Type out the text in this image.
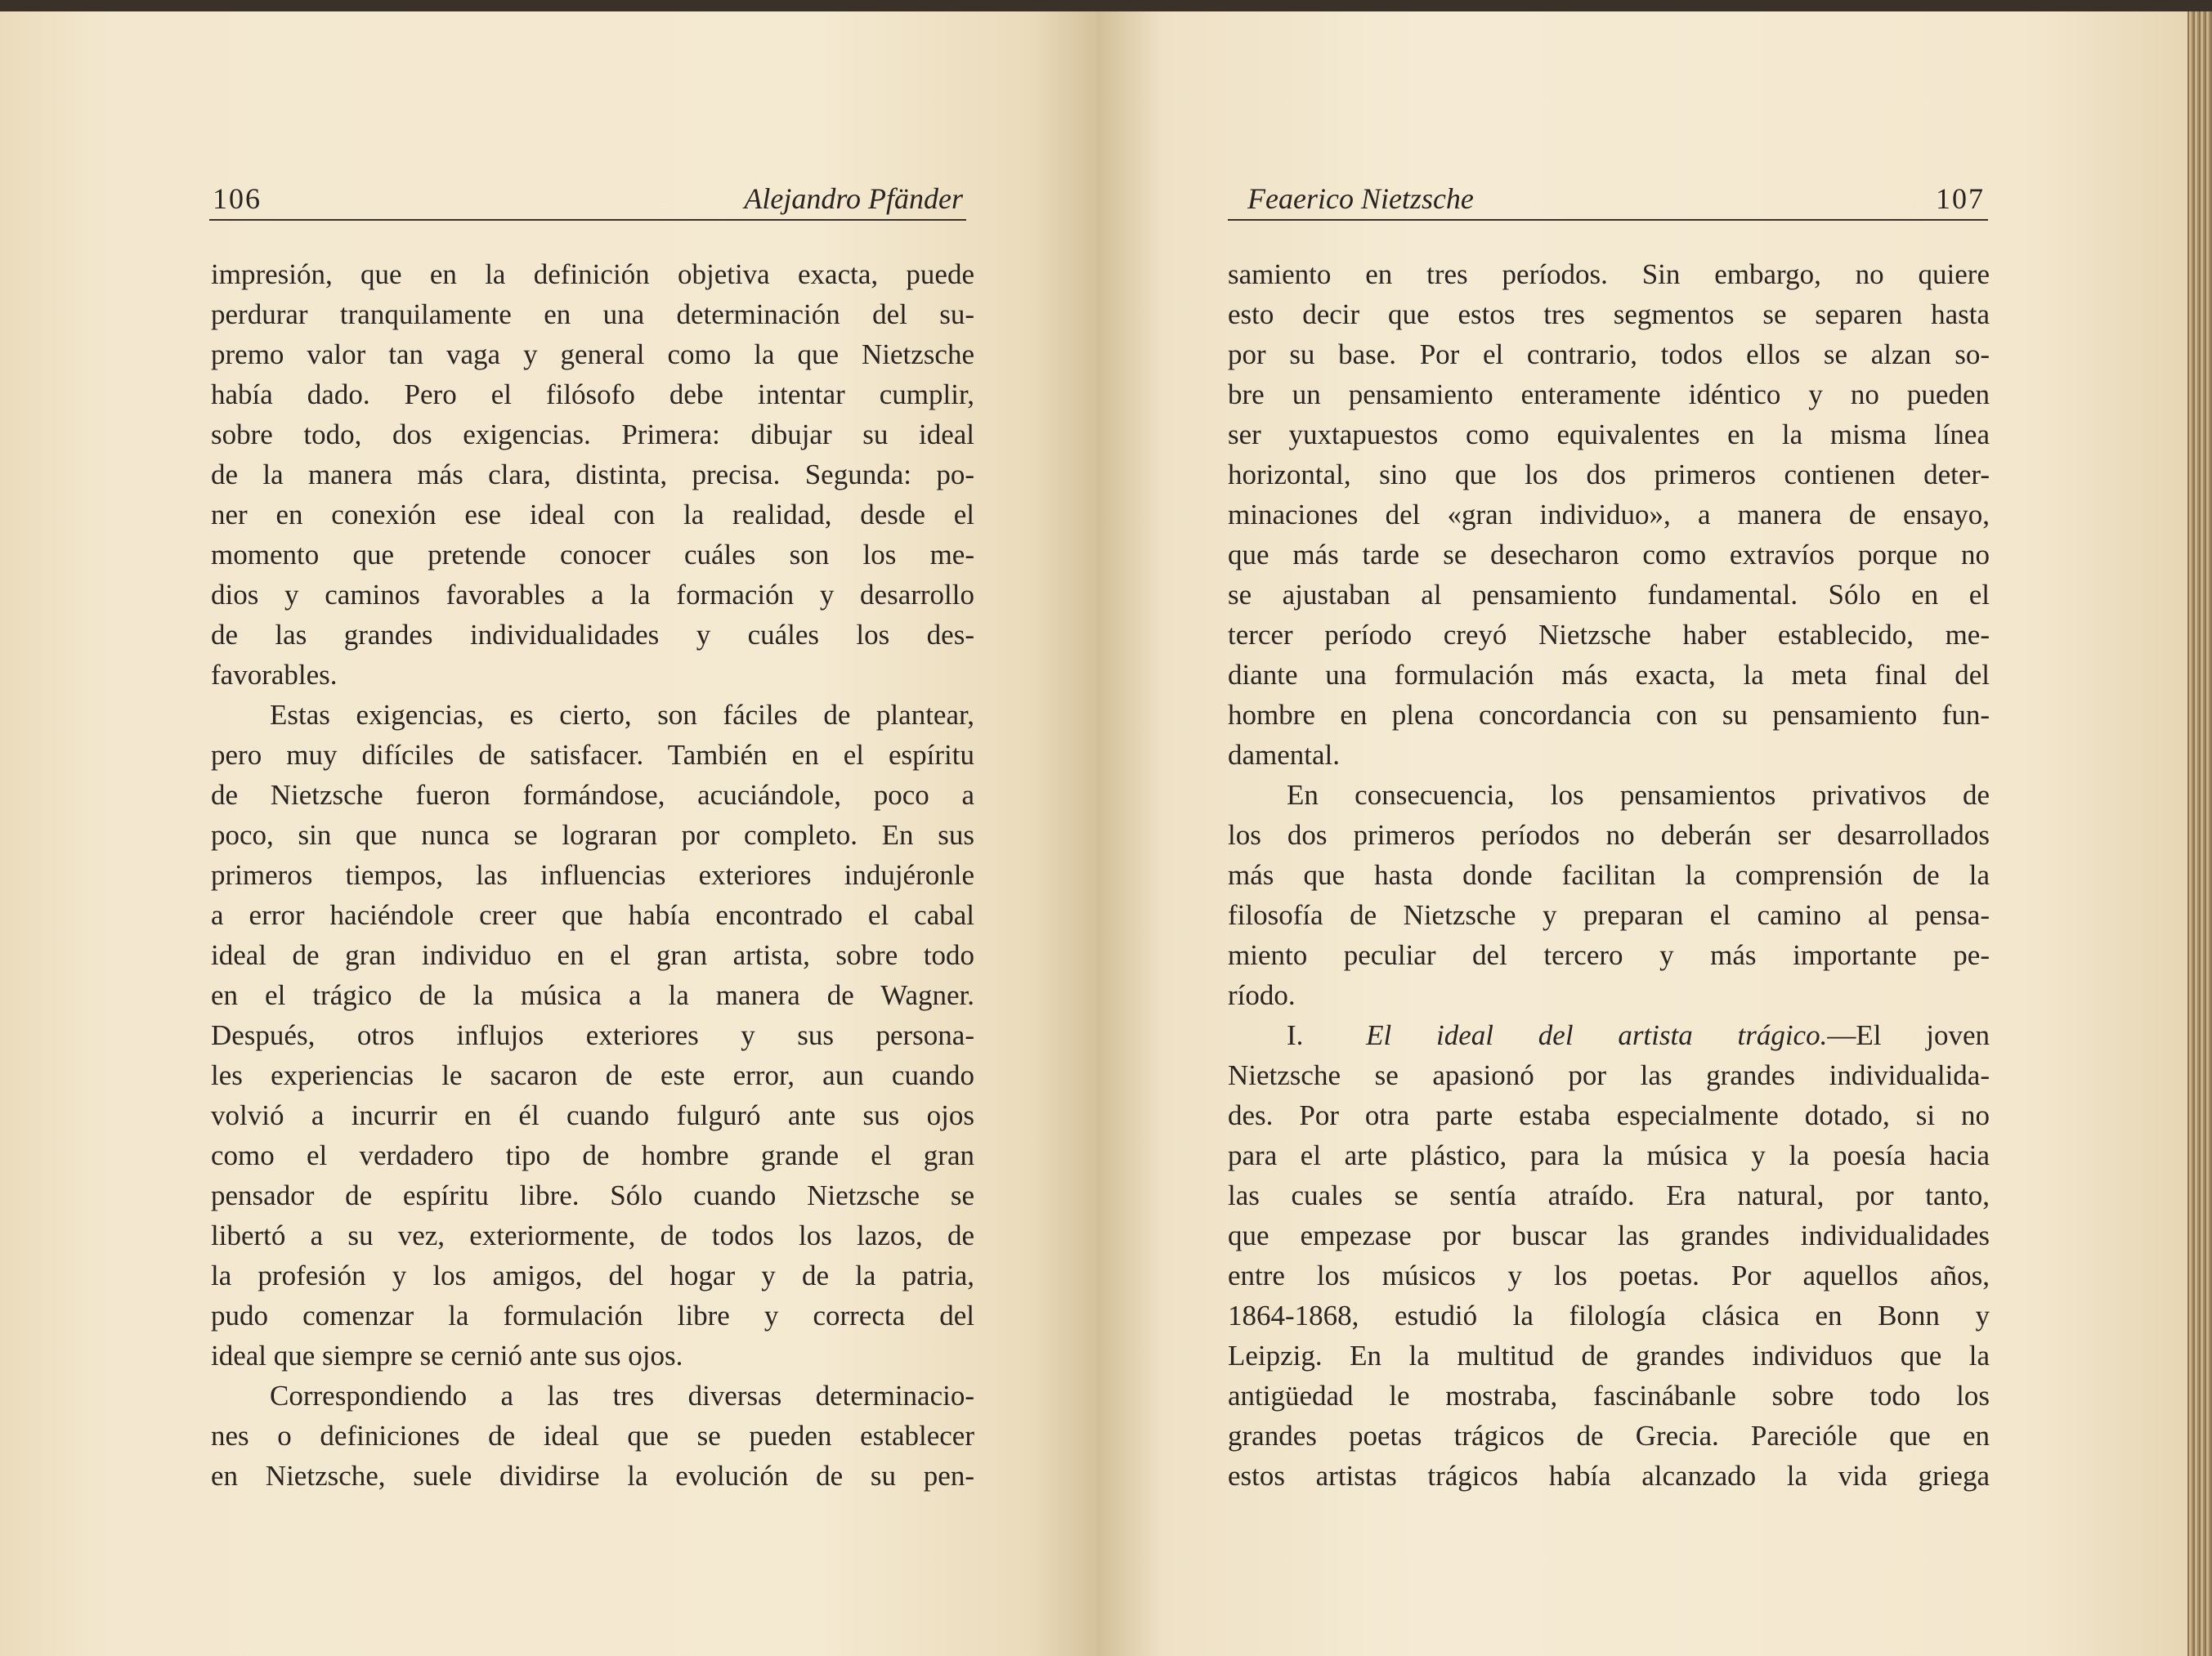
106	Alejandro Pfänder
impresión, que en la definición objetiva exacta, puede
perdurar tranquilamente en una determinación del su-
premo valor tan vaga y general como la que Nietzsche
había dado. Pero el filósofo debe intentar cumplir,
sobre todo, dos exigencias. Primera: dibujar su ideal
de la manera más clara, distinta, precisa. Segunda: po-
ner en conexión ese ideal con la realidad, desde el
momento que pretende conocer cuáles son los me-
dios y caminos favorables a la formación y desarrollo
de las grandes individualidades y cuáles los des-
favorables.
Estas exigencias, es cierto, son fáciles de plantear,
pero muy difíciles de satisfacer. También en el espíritu
de Nietzsche fueron formándose, acuciándole, poco a
poco, sin que nunca se lograran por completo. En sus
primeros tiempos, las influencias exteriores indujéronle
a error haciéndole creer que había encontrado el cabal
ideal de gran individuo en el gran artista, sobre todo
en el trágico de la música a la manera de Wagner.
Después, otros influjos exteriores y sus persona-
les experiencias le sacaron de este error, aun cuando
volvió a incurrir en él cuando fulguró ante sus ojos
como el verdadero tipo de hombre grande el gran
pensador de espíritu libre. Sólo cuando Nietzsche se
libertó a su vez, exteriormente, de todos los lazos, de
la profesión y los amigos, del hogar y de la patria,
pudo comenzar la formulación libre y correcta del
ideal que siempre se cernió ante sus ojos.
Correspondiendo a las tres diversas determinacio-
nes o definiciones de ideal que se pueden establecer
en Nietzsche, suele dividirse la evolución de su pen-
Feaerico Nietzsche	107
samiento en tres períodos. Sin embargo, no quiere
esto decir que estos tres segmentos se separen hasta
por su base. Por el contrario, todos ellos se alzan so-
bre un pensamiento enteramente idéntico y no pueden
ser yuxtapuestos como equivalentes en la misma línea
horizontal, sino que los dos primeros contienen deter-
minaciones del «gran individuo», a manera de ensayo,
que más tarde se desecharon como extravíos porque no
se ajustaban al pensamiento fundamental. Sólo en el
tercer período creyó Nietzsche haber establecido, me-
diante una formulación más exacta, la meta final del
hombre en plena concordancia con su pensamiento fun-
damental.
En consecuencia, los pensamientos privativos de
los dos primeros períodos no deberán ser desarrollados
más que hasta donde facilitan la comprensión de la
filosofía de Nietzsche y preparan el camino al pensa-
miento peculiar del tercero y más importante pe-
ríodo.
I. El ideal del artista trágico.—El joven
Nietzsche se apasionó por las grandes individualida-
des. Por otra parte estaba especialmente dotado, si no
para el arte plástico, para la música y la poesía hacia
las cuales se sentía atraído. Era natural, por tanto,
que empezase por buscar las grandes individualidades
entre los músicos y los poetas. Por aquellos años,
1864-1868, estudió la filología clásica en Bonn y
Leipzig. En la multitud de grandes individuos que la
antigüedad le mostraba, fascinábanle sobre todo los
grandes poetas trágicos de Grecia. Parecióle que en
estos artistas trágicos había alcanzado la vida griega
